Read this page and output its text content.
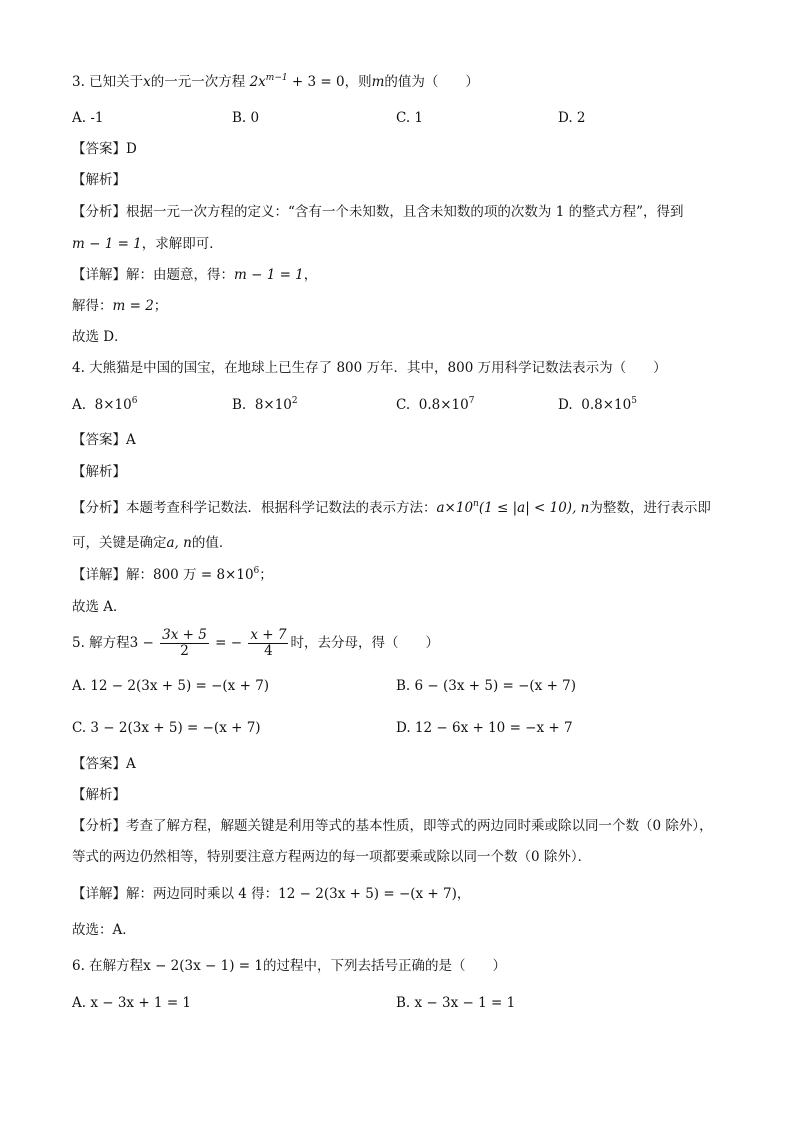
3. 已知关于x的一元一次方程 $2x^{m-1} + 3 = 0$，则m的值为（　　）
A. -1	B. 0	C. 1	D. 2
【答案】D
【解析】
【分析】根据一元一次方程的定义：“含有一个未知数，且含未知数的项的次数为 1 的整式方程”，得到
m − 1 = 1，求解即可．
【详解】解：由题意，得：m − 1 = 1，
解得：m = 2；
故选 D．
4. 大熊猫是中国的国宝，在地球上已生存了 800 万年．其中，800 万用科学记数法表示为（　　）
A. $8\times 10^6$	B. $8\times 10^2$	C. $0.8\times 10^7$	D. $0.8\times 10^5$
【答案】A
【解析】
【分析】本题考查科学记数法．根据科学记数法的表示方法：$a\times 10^n(1 \le |a| < 10)$, n为整数，进行表示即
可，关键是确定a, n的值．
【详解】解：800 万 = $8\times 10^6$；
故选 A．
5. 解方程$3 - \frac{3x + 5}{2}$ = − $\frac{x + 7}{4}$ 时，去分母，得（　　）
A. 12 − 2(3x + 5) = −(x + 7)	B. 6 − (3x + 5) = −(x + 7)
C. 3 − 2(3x + 5) = −(x + 7)	D. 12 − 6x + 10 = −x + 7
【答案】A
【解析】
【分析】考查了解方程，解题关键是利用等式的基本性质，即等式的两边同时乘或除以同一个数（0 除外），
等式的两边仍然相等，特别要注意方程两边的每一项都要乘或除以同一个数（0 除外）．
【详解】解：两边同时乘以 4 得：12 − 2(3x + 5) = −(x + 7)，
故选：A．
6. 在解方程x − 2(3x − 1) = 1的过程中，下列去括号正确的是（　　）
A. x − 3x + 1 = 1	B. x − 3x − 1 = 1
